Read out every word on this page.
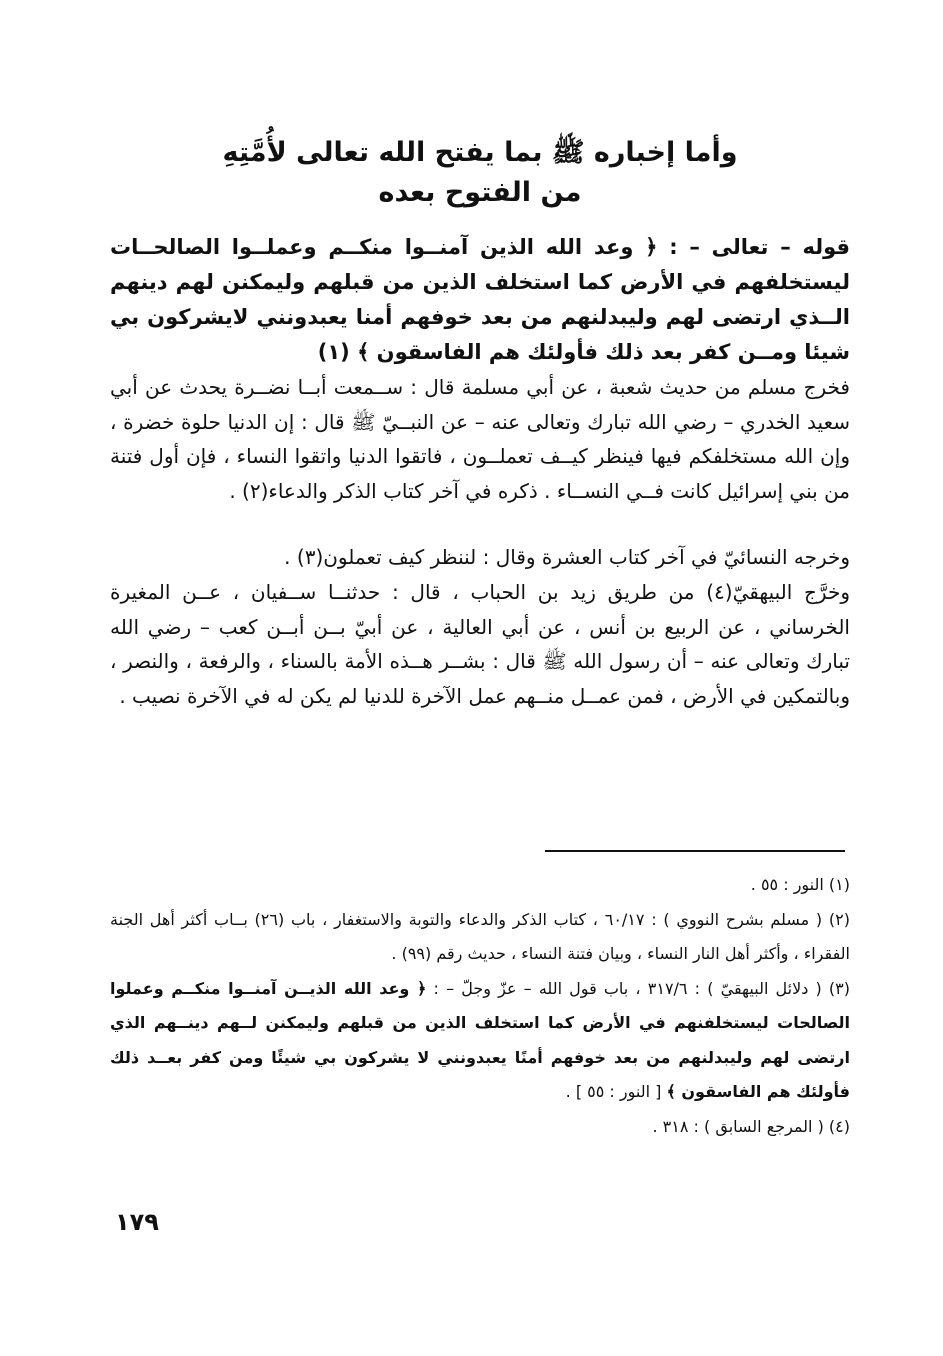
وأما إخباره ﷺ بما يفتح الله تعالى لأُمَّتِهِ
من الفتوح بعده
قوله – تعالى – : ﴿ وعد الله الذين آمنــوا منكــم وعملــوا الصالحــات ليستخلفهم في الأرض كما استخلف الذين من قبلهم وليمكنن لهم دينهم الــذي ارتضى لهم وليبدلنهم من بعد خوفهم أمنا يعبدونني لايشركون بي شيئا ومــن كفر بعد ذلك فأولئك هم الفاسقون ﴾ (١)
فخرج مسلم من حديث شعبة ، عن أبي مسلمة قال : ســمعت أبــا نضــرة يحدث عن أبي سعيد الخدري – رضي الله تبارك وتعالى عنه – عن النبــيّ ﷺ قال : إن الدنيا حلوة خضرة ، وإن الله مستخلفكم فيها فينظر كيــف تعملــون ، فاتقوا الدنيا واتقوا النساء ، فإن أول فتنة من بني إسرائيل كانت فــي النســاء . ذكره في آخر كتاب الذكر والدعاء(٢) .
وخرجه النسائيّ في آخر كتاب العشرة وقال : لننظر كيف تعملون(٣) .
وخرَّج البيهقيّ(٤) من طريق زيد بن الحباب ، قال : حدثنــا ســفيان ، عــن المغيرة الخرساني ، عن الربيع بن أنس ، عن أبي العالية ، عن أبيّ بــن أبــن كعب – رضي الله تبارك وتعالى عنه – أن رسول الله ﷺ قال : بشــر هــذه الأمة بالسناء ، والرفعة ، والنصر ، وبالتمكين في الأرض ، فمن عمــل منــهم عمل الآخرة للدنيا لم يكن له في الآخرة نصيب .
(١) النور : ٥٥ .
(٢) ( مسلم بشرح النووي ) : ٦٠/١٧ ، كتاب الذكر والدعاء والتوبة والاستغفار ، باب (٢٦) بــاب أكثر أهل الجنة الفقراء ، وأكثر أهل النار النساء ، وبيان فتنة النساء ، حديث رقم (٩٩) .
(٣) ( دلائل البيهقيّ ) : ٣١٧/٦ ، باب قول الله – عزّ وجلّ – : ﴿ وعد الله الذيــن آمنــوا منكــم وعملوا الصالحات ليستخلفنهم في الأرض كما استخلف الذين من قبلهم وليمكنن لــهم دينــهم الذي ارتضى لهم وليبدلنهم من بعد خوفهم أمنًا يعبدونني لا يشركون بي شيئًا ومن كفر بعــد ذلك فأولئك هم الفاسقون ﴾ [ النور : ٥٥ ] .
(٤) ( المرجع السابق ) : ٣١٨ .
١٧٩
